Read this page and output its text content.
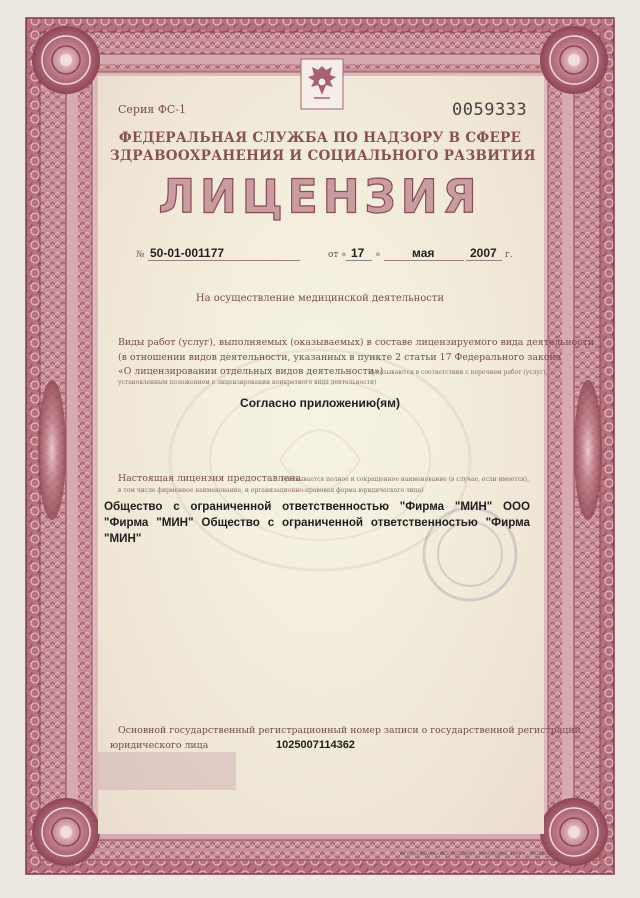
Серия ФС-1	0059333
ФЕДЕРАЛЬНАЯ СЛУЖБА ПО НАДЗОРУ В СФЕРЕ
ЗДРАВООХРАНЕНИЯ И СОЦИАЛЬНОГО РАЗВИТИЯ
ЛИЦЕНЗИЯ
№ 50-01-001177	от « 17 »	мая	2007 г.
На осуществление медицинской деятельности
Виды работ (услуг), выполняемых (оказываемых) в составе лицензируемого вида деятельности
(в отношении видов деятельности, указанных в пункте 2 статьи 17 Федерального закона
«О лицензировании отдельных видов деятельности»)
(указываются в соответствии с перечнем работ (услуг),
установленным положением о лицензировании конкретного вида деятельности)
Согласно приложению(ям)
Настоящая лицензия предоставлена
(указывается полное и сокращенное наименование (в случае, если имеется),
в том числе фирменное наименование, и организационно-правовая форма юридического лица)
Общество с ограниченной ответственностью "Фирма "МИН" ООО "Фирма "МИН" Общество с ограниченной ответственностью "Фирма "МИН"
Основной государственный регистрационный номер записи о государственной регистрации
юридического лица	1025007114362
ФГУП «ГОЗНАК»-ФСЕ РОССИИ, г. КРАСНОДАР, 2006 г., УРОВЕНЬ «В»
